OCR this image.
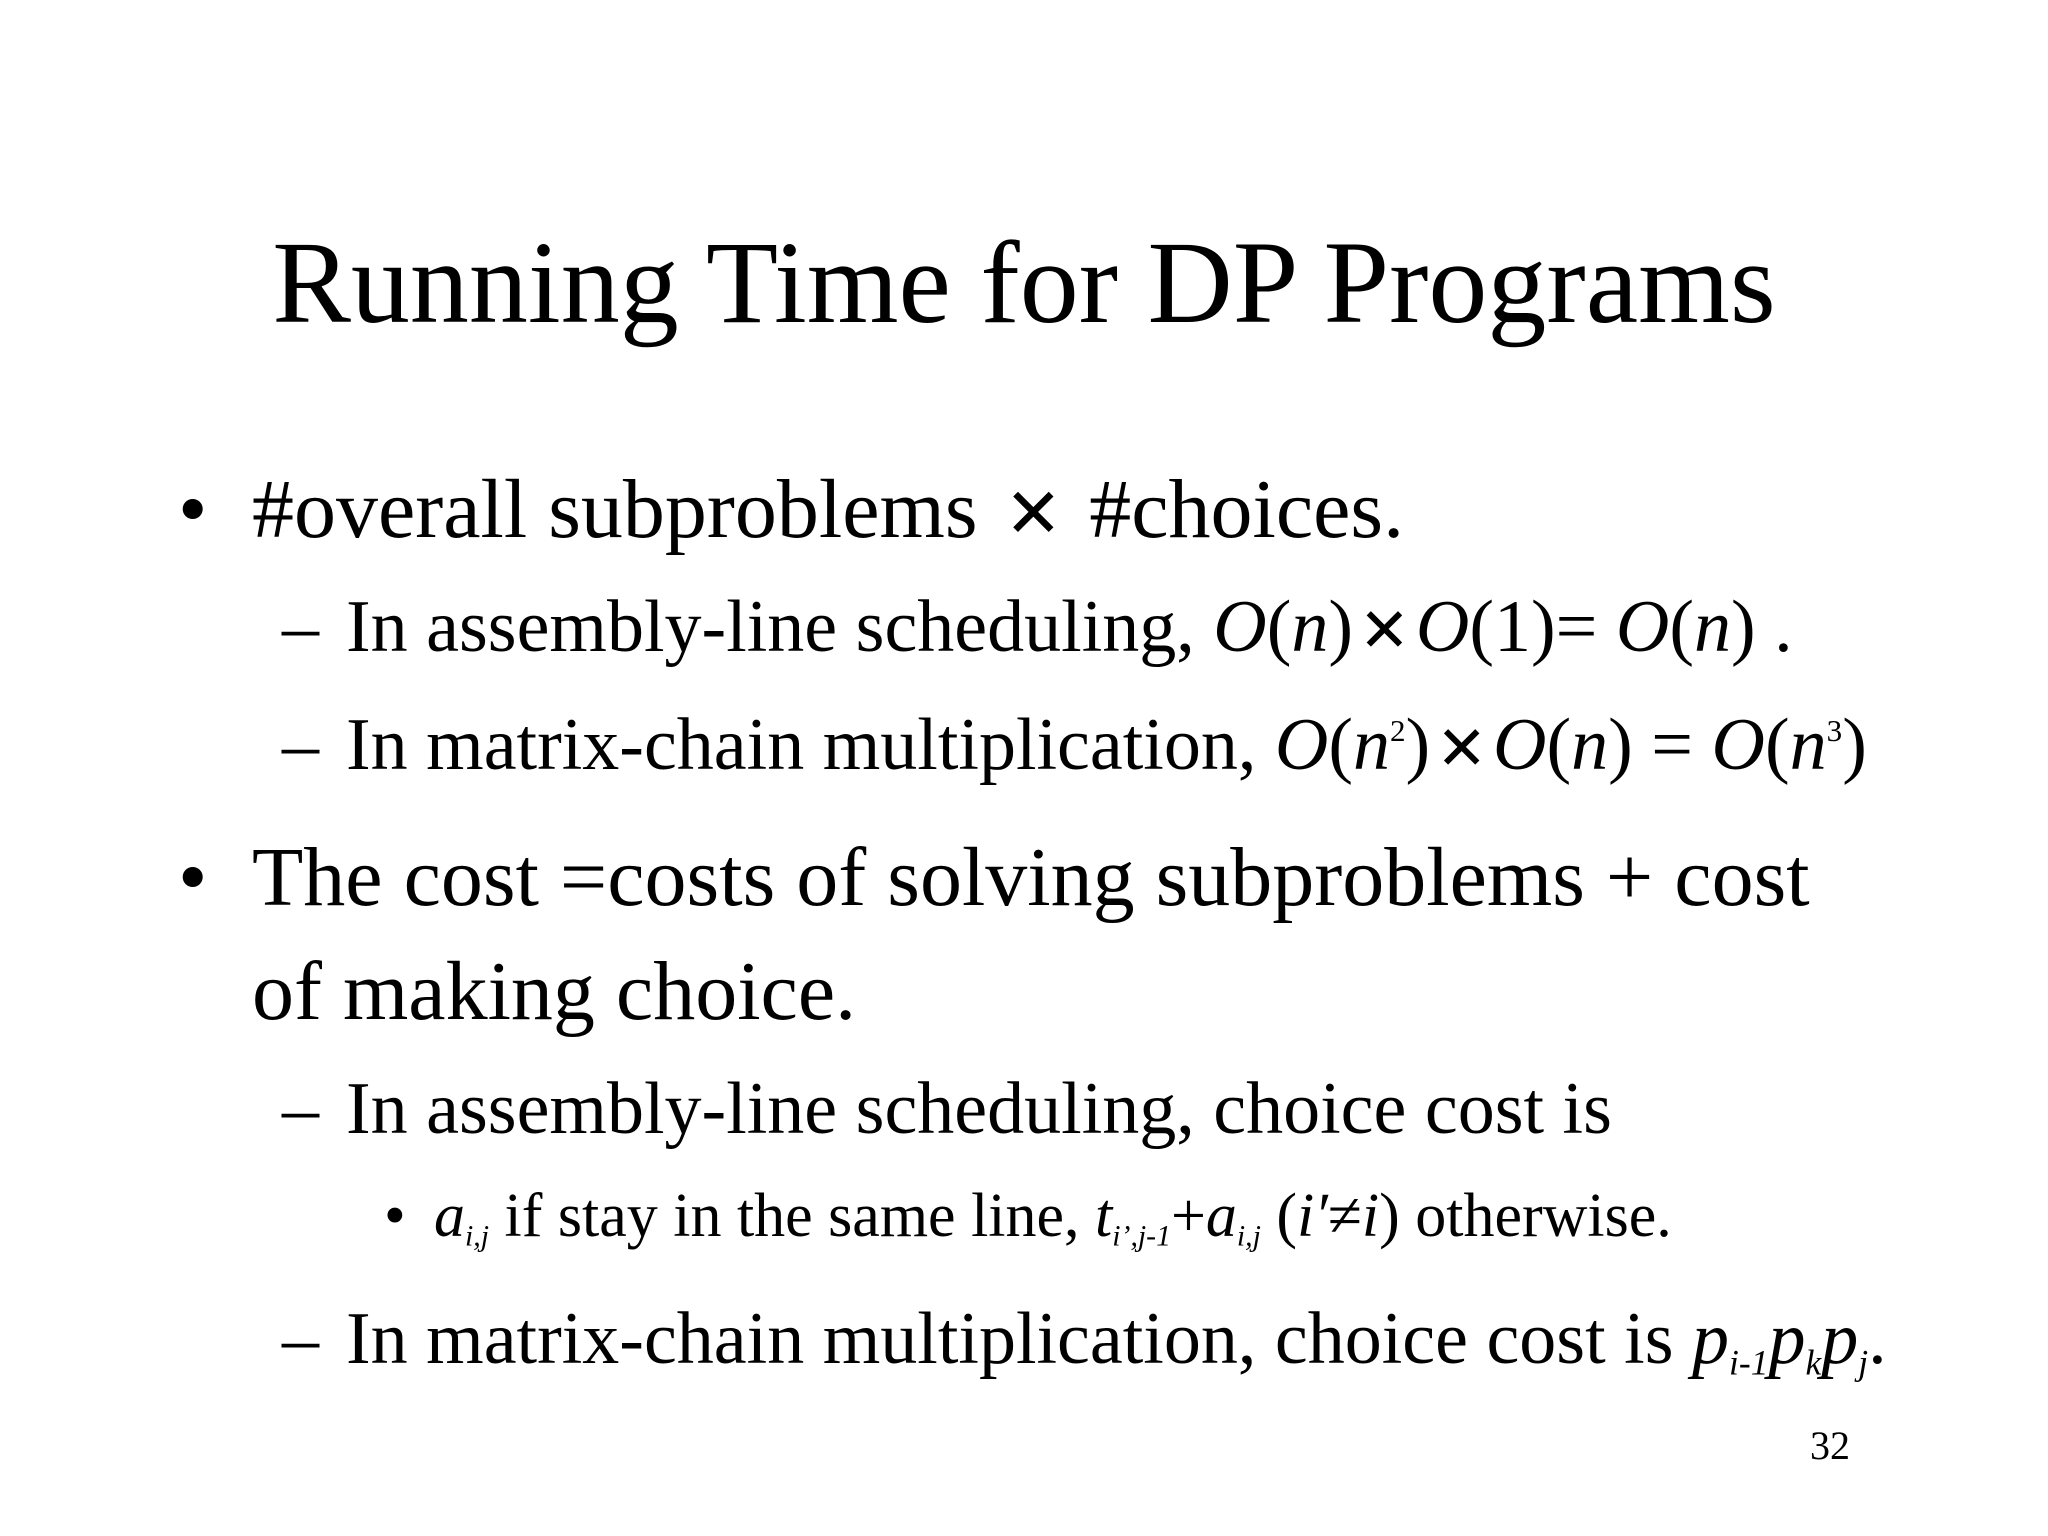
Running Time for DP Programs
• #overall subproblems ✕ #choices.
– In assembly-line scheduling, O(n)✕O(1)= O(n) .
– In matrix-chain multiplication, $O(n^2)✕O(n) = O(n^3)$
• The cost =costs of solving subproblems + cost
of making choice.
– In assembly-line scheduling, choice cost is
• $a_{i,j}$ if stay in the same line, $t_{i’,j-1}+a_{i,j}$ (i′≠i) otherwise.
– In matrix-chain multiplication, choice cost is $p_{i-1}p_kp_j$.
32
